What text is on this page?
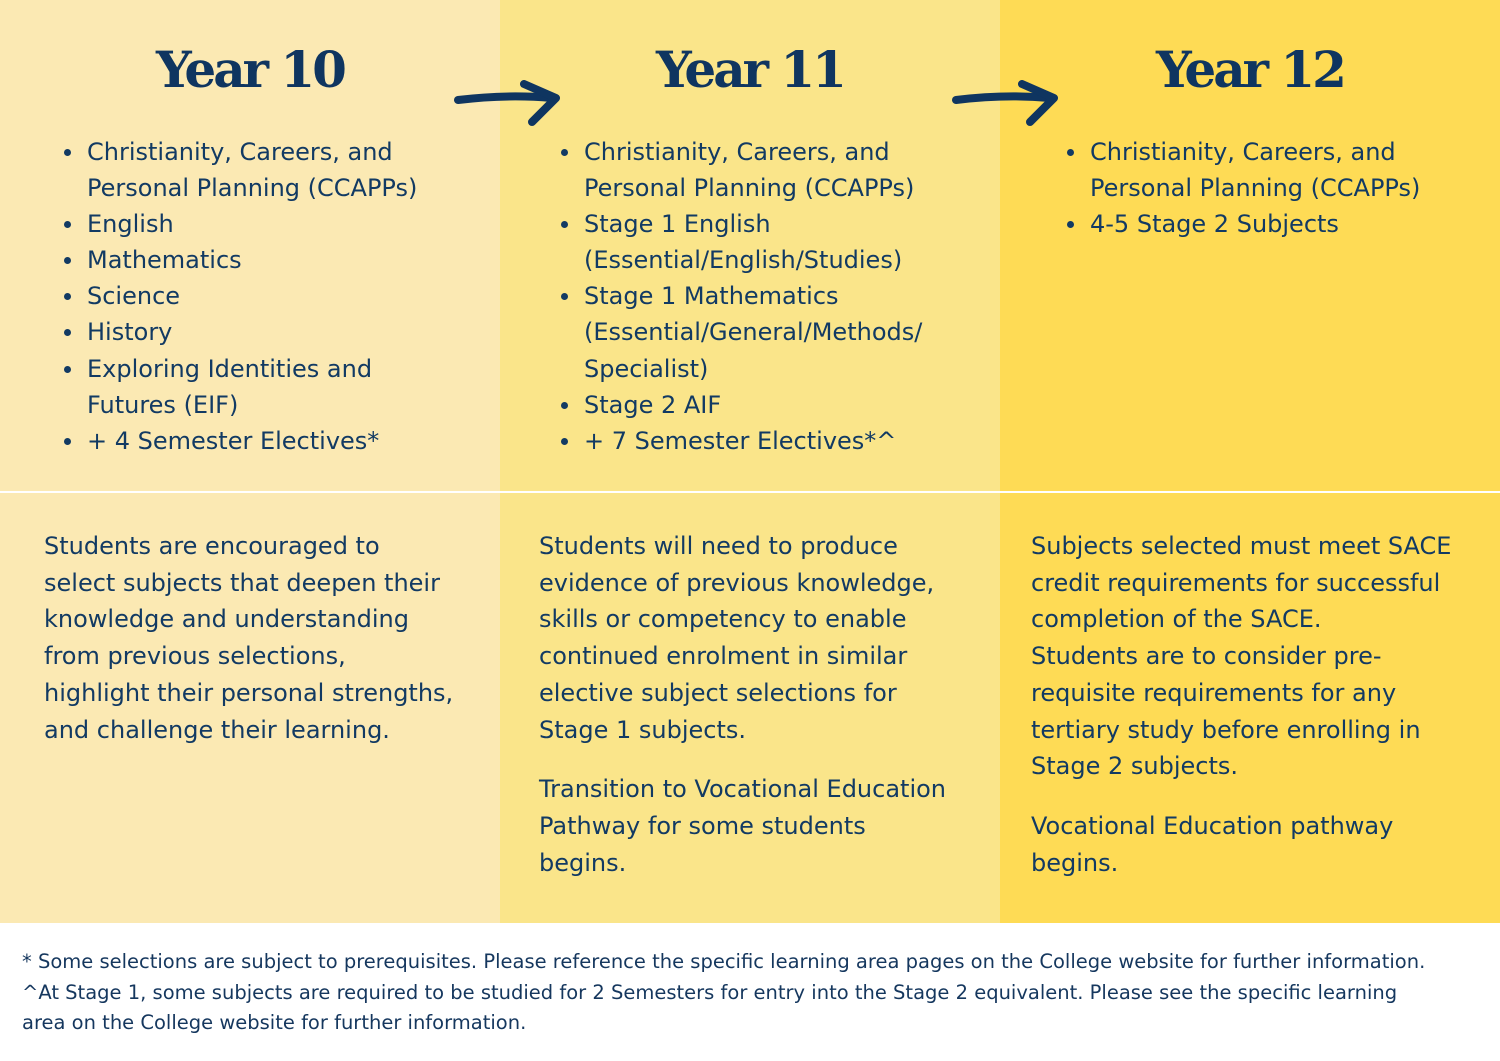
Year 10
Christianity, Careers, and
Personal Planning (CCAPPs)
English
Mathematics
Science
History
Exploring Identities and
Futures (EIF)
+ 4 Semester Electives*

Students are encouraged to
select subjects that deepen their
knowledge and understanding
from previous selections,
highlight their personal strengths,
and challenge their learning.

Year 11
Christianity, Careers, and
Personal Planning (CCAPPs)
Stage 1 English
(Essential/English/Studies)
Stage 1 Mathematics
(Essential/General/Methods/
Specialist)
Stage 2 AIF
+ 7 Semester Electives*^

Students will need to produce
evidence of previous knowledge,
skills or competency to enable
continued enrolment in similar
elective subject selections for
Stage 1 subjects.

Transition to Vocational Education
Pathway for some students
begins.

Year 12
Christianity, Careers, and
Personal Planning (CCAPPs)
4-5 Stage 2 Subjects

Subjects selected must meet SACE
credit requirements for successful
completion of the SACE.
Students are to consider pre-
requisite requirements for any
tertiary study before enrolling in
Stage 2 subjects.

Vocational Education pathway
begins.

* Some selections are subject to prerequisites. Please reference the specific learning area pages on the College website for further information.
^At Stage 1, some subjects are required to be studied for 2 Semesters for entry into the Stage 2 equivalent. Please see the specific learning
area on the College website for further information.
